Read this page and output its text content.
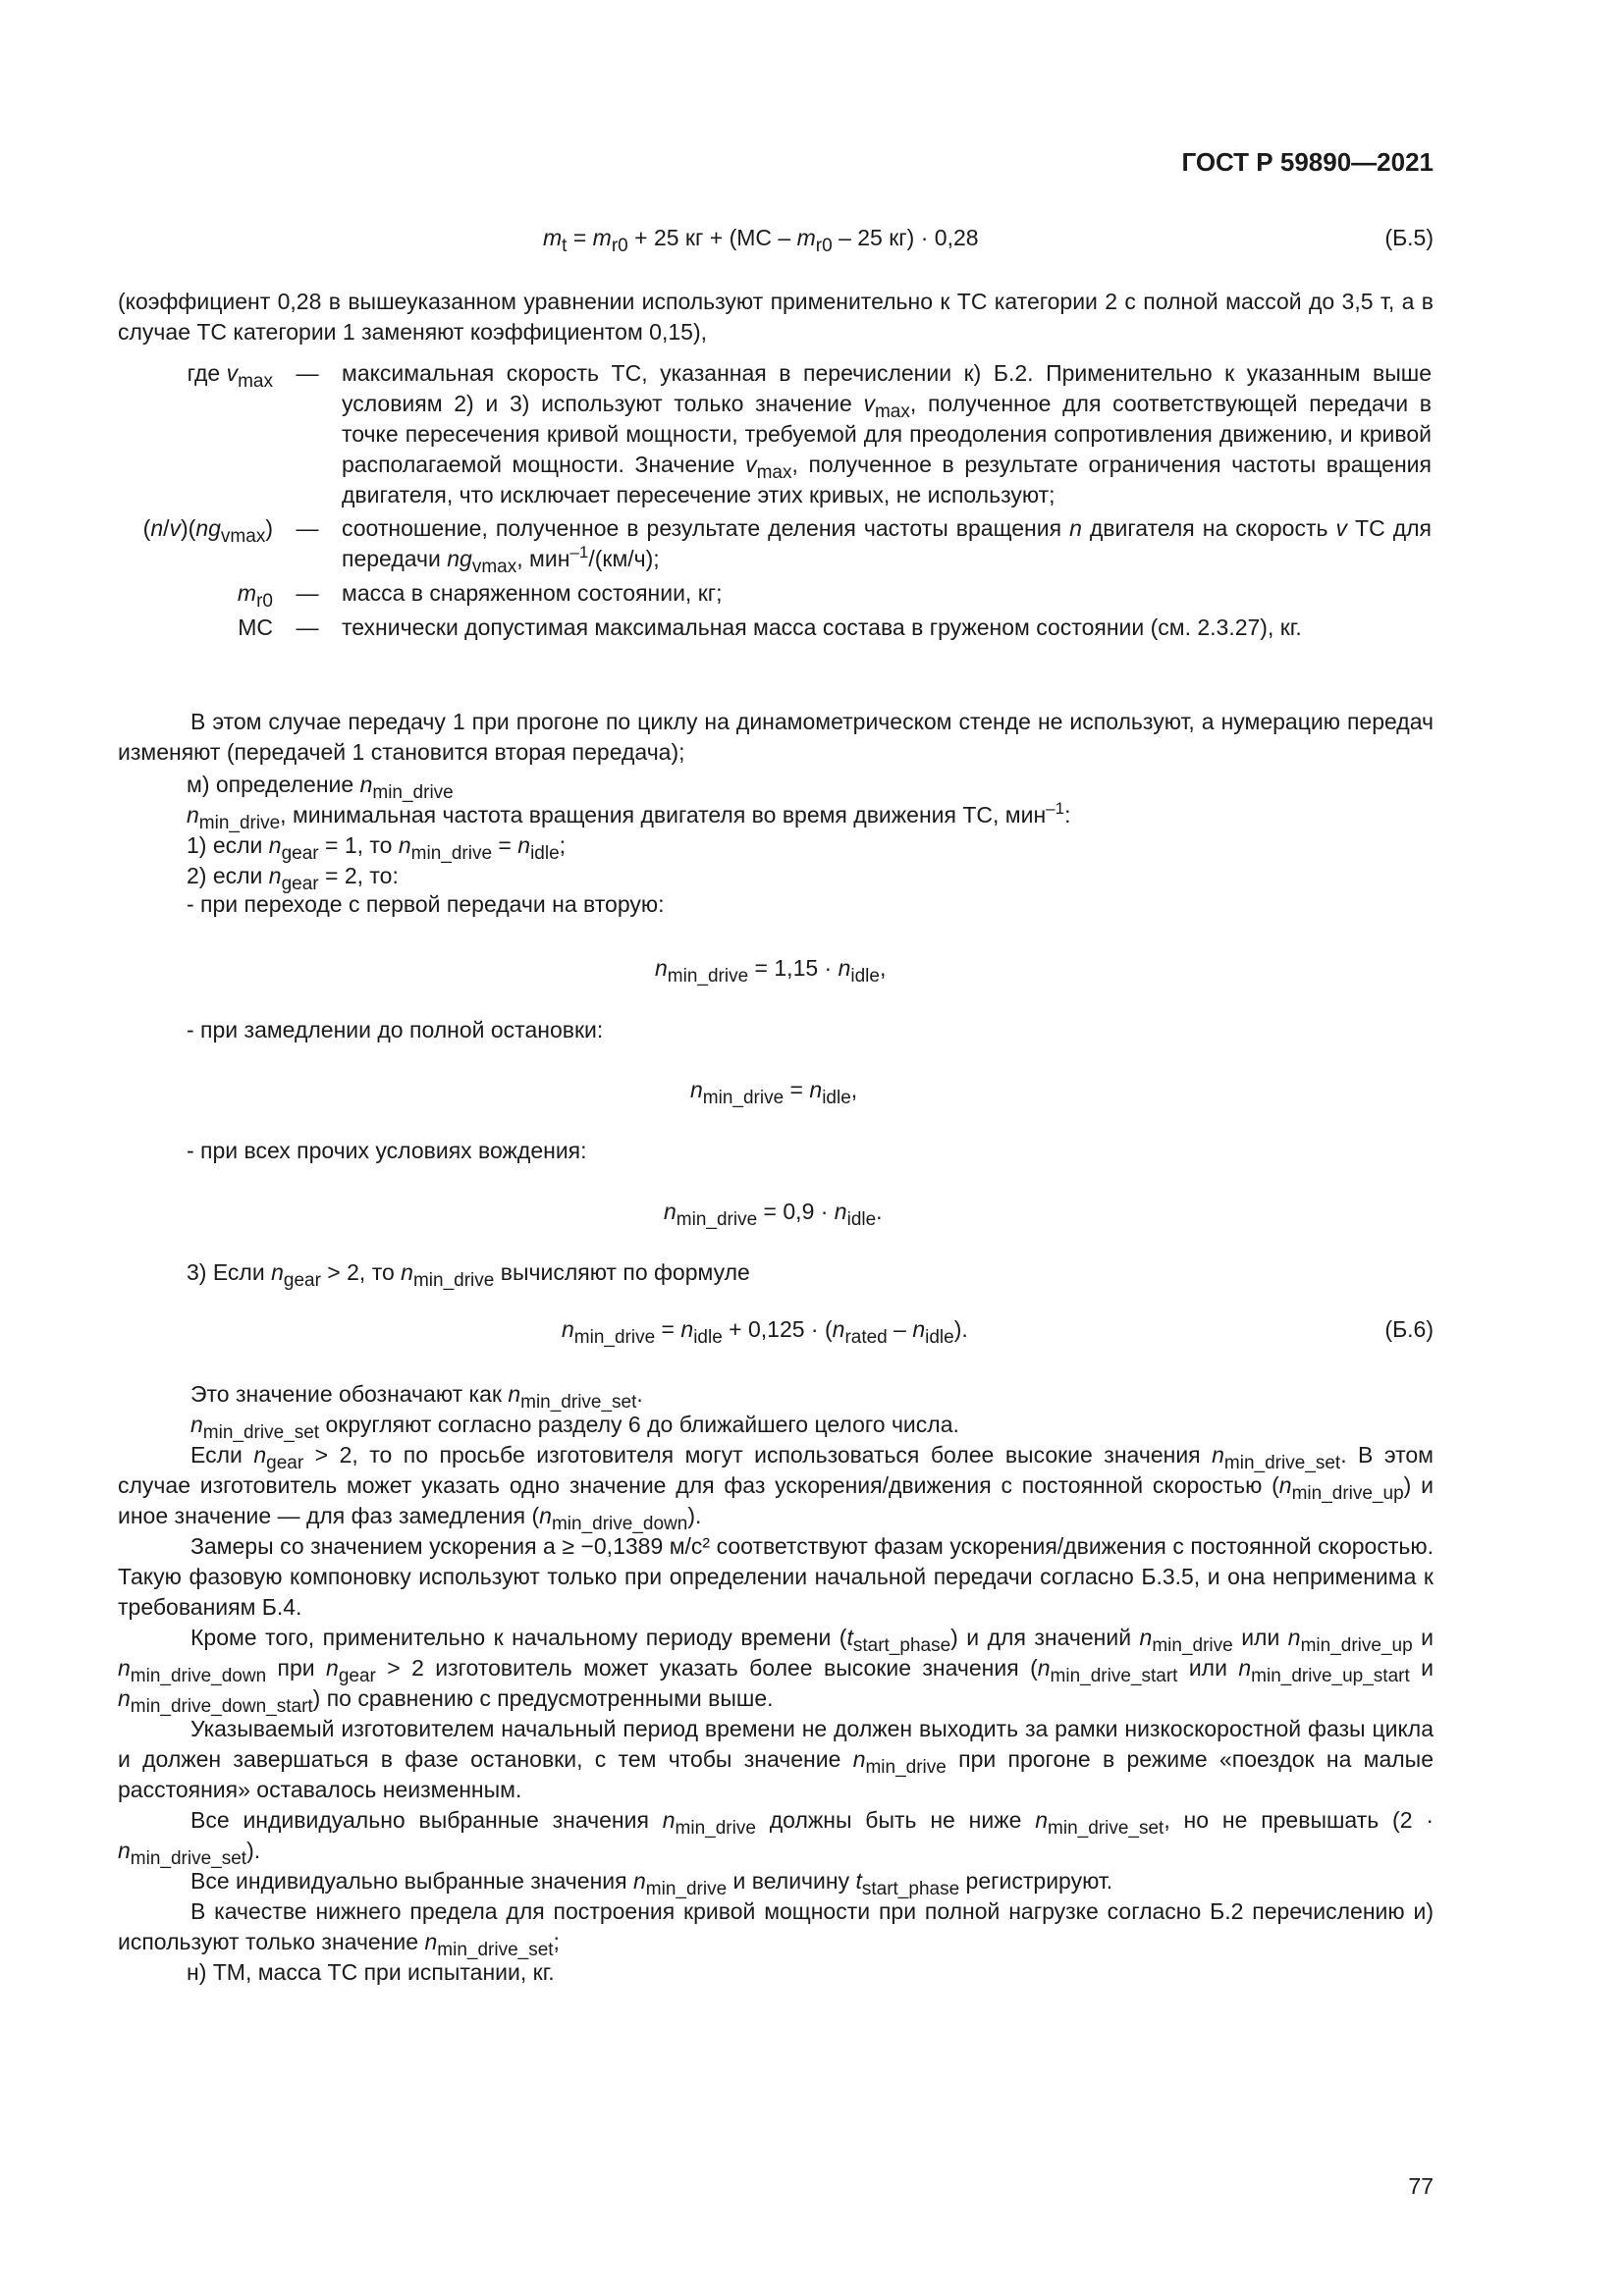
ГОСТ Р 59890—2021
$m_t = m_{r0} + 25$ кг + ($МС - m_{r0} - 25$ кг) · 0,28	(Б.5)
(коэффициент 0,28 в вышеуказанном уравнении используют применительно к ТС категории 2 с полной массой до 3,5 т, а в случае ТС категории 1 заменяют коэффициентом 0,15),
где $v_{max}$	—	максимальная скорость ТС, указанная в перечислении к) Б.2. Применительно к указанным выше условиям 2) и 3) используют только значение $v_{max}$, полученное для соответствующей передачи в точке пересечения кривой мощности, требуемой для преодоления сопротивления движению, и кривой располагаемой мощности. Значение $v_{max}$, полученное в результате ограничения частоты вращения двигателя, что исключает пересечение этих кривых, не используют;
$(n/v)(ng_{vmax})$	—	соотношение, полученное в результате деления частоты вращения n двигателя на скорость v ТС для передачи $ng_{vmax}$, мин$^{-1}$/(км/ч);
$m_{r0}$	—	масса в снаряженном состоянии, кг;
МС	—	технически допустимая максимальная масса состава в груженом состоянии (см. 2.3.27), кг.
В этом случае передачу 1 при прогоне по циклу на динамометрическом стенде не используют, а нумерацию передач изменяют (передачей 1 становится вторая передача);
м) определение $n_{min\_drive}$
$n_{min\_drive}$, минимальная частота вращения двигателя во время движения ТС, мин$^{-1}$:
1) если $n_{gear} = 1$, то $n_{min\_drive} = n_{idle}$;
2) если $n_{gear} = 2$, то:
- при переходе с первой передачи на вторую:
$n_{min\_drive} = 1,15 \cdot n_{idle}$,
- при замедлении до полной остановки:
$n_{min\_drive} = n_{idle}$,
- при всех прочих условиях вождения:
$n_{min\_drive} = 0,9 \cdot n_{idle}$.
3) Если $n_{gear} > 2$, то $n_{min\_drive}$ вычисляют по формуле
$n_{min\_drive} = n_{idle} + 0,125 \cdot (n_{rated} - n_{idle})$.	(Б.6)
Это значение обозначают как $n_{min\_drive\_set}$.
$n_{min\_drive\_set}$ округляют согласно разделу 6 до ближайшего целого числа.
Если $n_{gear} > 2$, то по просьбе изготовителя могут использоваться более высокие значения $n_{min\_drive\_set}$. В этом случае изготовитель может указать одно значение для фаз ускорения/движения с постоянной скоростью $(n_{min\_drive\_up})$ и иное значение — для фаз замедления $(n_{min\_drive\_down})$.
Замеры со значением ускорения a ≥ −0,1389 м/с² соответствуют фазам ускорения/движения с постоянной скоростью. Такую фазовую компоновку используют только при определении начальной передачи согласно Б.3.5, и она неприменима к требованиям Б.4.
Кроме того, применительно к начальному периоду времени $(t_{start\_phase})$ и для значений $n_{min\_drive}$ или $n_{min\_drive\_up}$ и $n_{min\_drive\_down}$ при $n_{gear} > 2$ изготовитель может указать более высокие значения ($n_{min\_drive\_start}$ или $n_{min\_drive\_up\_start}$ и $n_{min\_drive\_down\_start}$) по сравнению с предусмотренными выше.
Указываемый изготовителем начальный период времени не должен выходить за рамки низкоскоростной фазы цикла и должен завершаться в фазе остановки, с тем чтобы значение $n_{min\_drive}$ при прогоне в режиме «поездок на малые расстояния» оставалось неизменным.
Все индивидуально выбранные значения $n_{min\_drive}$ должны быть не ниже $n_{min\_drive\_set}$, но не превышать $(2 \cdot n_{min\_drive\_set})$.
Все индивидуально выбранные значения $n_{min\_drive}$ и величину $t_{start\_phase}$ регистрируют.
В качестве нижнего предела для построения кривой мощности при полной нагрузке согласно Б.2 перечислению и) используют только значение $n_{min\_drive\_set}$;
н) ТМ, масса ТС при испытании, кг.
77
